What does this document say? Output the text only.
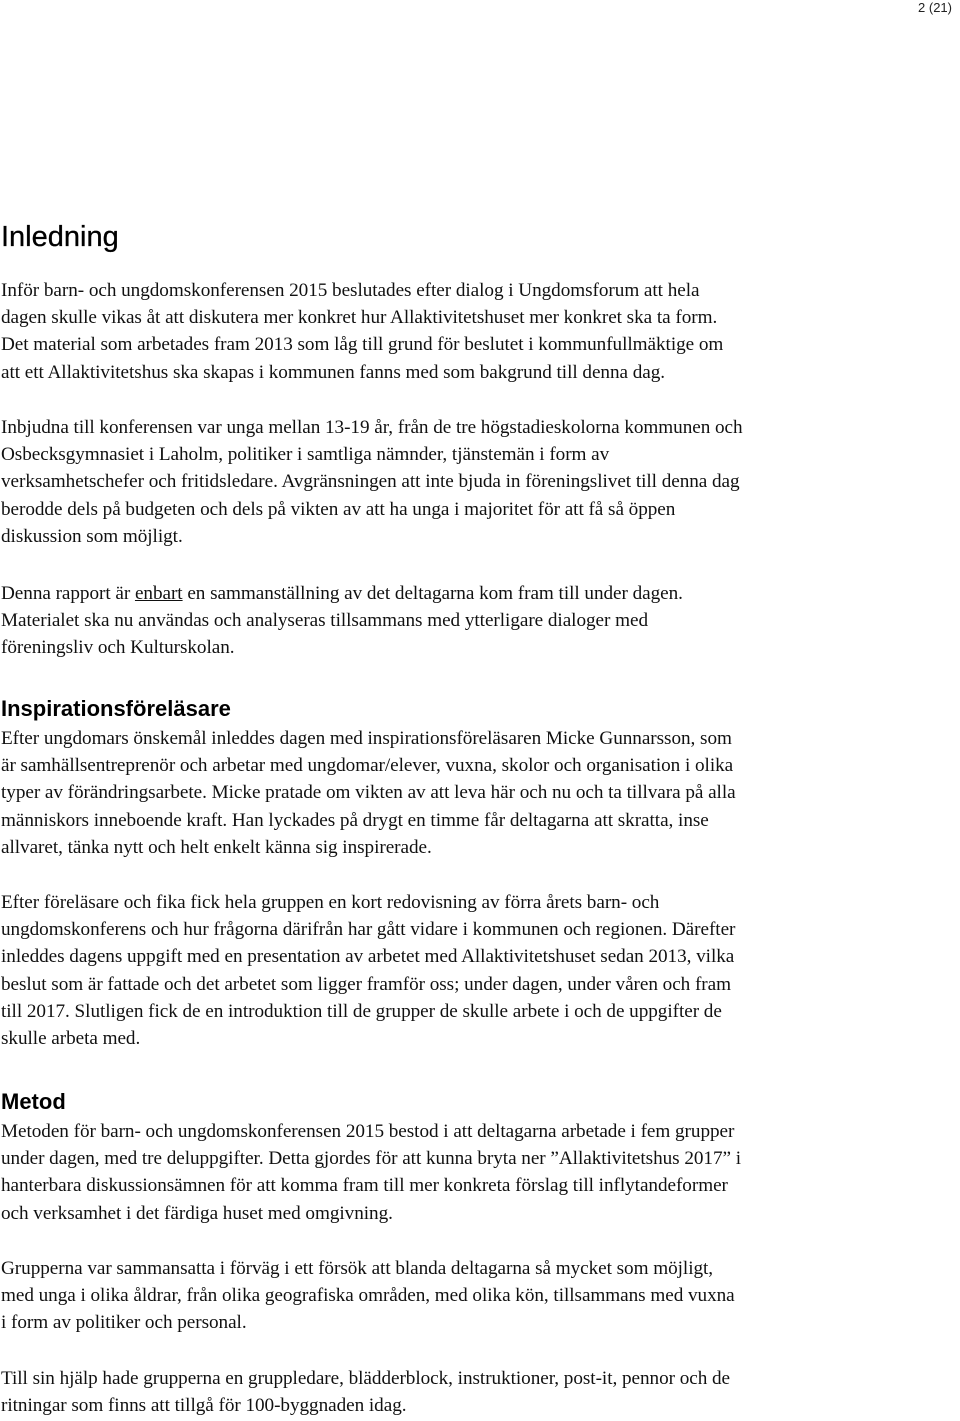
2 (21)
Inledning

Inför barn- och ungdomskonferensen 2015 beslutades efter dialog i Ungdomsforum att hela
dagen skulle vikas åt att diskutera mer konkret hur Allaktivitetshuset mer konkret ska ta form.
Det material som arbetades fram 2013 som låg till grund för beslutet i kommunfullmäktige om
att ett Allaktivitetshus ska skapas i kommunen fanns med som bakgrund till denna dag.

Inbjudna till konferensen var unga mellan 13-19 år, från de tre högstadieskolorna kommunen och
Osbecksgymnasiet i Laholm, politiker i samtliga nämnder, tjänstemän i form av
verksamhetschefer och fritidsledare. Avgränsningen att inte bjuda in föreningslivet till denna dag
berodde dels på budgeten och dels på vikten av att ha unga i majoritet för att få så öppen
diskussion som möjligt.

Denna rapport är enbart en sammanställning av det deltagarna kom fram till under dagen.
Materialet ska nu användas och analyseras tillsammans med ytterligare dialoger med
föreningsliv och Kulturskolan.

Inspirationsföreläsare

Efter ungdomars önskemål inleddes dagen med inspirationsföreläsaren Micke Gunnarsson, som
är samhällsentreprenör och arbetar med ungdomar/elever, vuxna, skolor och organisation i olika
typer av förändringsarbete. Micke pratade om vikten av att leva här och nu och ta tillvara på alla
människors inneboende kraft. Han lyckades på drygt en timme får deltagarna att skratta, inse
allvaret, tänka nytt och helt enkelt känna sig inspirerade.

Efter föreläsare och fika fick hela gruppen en kort redovisning av förra årets barn- och
ungdomskonferens och hur frågorna därifrån har gått vidare i kommunen och regionen. Därefter
inleddes dagens uppgift med en presentation av arbetet med Allaktivitetshuset sedan 2013, vilka
beslut som är fattade och det arbetet som ligger framför oss; under dagen, under våren och fram
till 2017. Slutligen fick de en introduktion till de grupper de skulle arbete i och de uppgifter de
skulle arbeta med.

Metod

Metoden för barn- och ungdomskonferensen 2015 bestod i att deltagarna arbetade i fem grupper
under dagen, med tre deluppgifter. Detta gjordes för att kunna bryta ner ”Allaktivitetshus 2017” i
hanterbara diskussionsämnen för att komma fram till mer konkreta förslag till inflytandeformer
och verksamhet i det färdiga huset med omgivning.

Grupperna var sammansatta i förväg i ett försök att blanda deltagarna så mycket som möjligt,
med unga i olika åldrar, från olika geografiska områden, med olika kön, tillsammans med vuxna
i form av politiker och personal.

Till sin hjälp hade grupperna en gruppledare, blädderblock, instruktioner, post-it, pennor och de
ritningar som finns att tillgå för 100-byggnaden idag.
